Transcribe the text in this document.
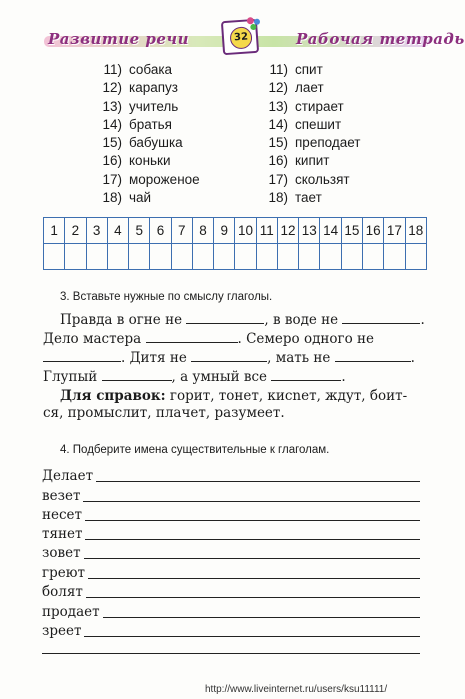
Развитие речи	Рабочая тетрадь
32
11) собака
12) карапуз
13) учитель
14) братья
15) бабушка
16) коньки
17) мороженое
18) чай
11) спит
12) лает
13) стирает
14) спешит
15) преподает
16) кипит
17) скользят
18) тает
1	2	3	4	5	6	7	8	9	10	11	12	13	14	15	16	17	18

3. Вставьте нужные по смыслу глаголы.
Правда в огне не	, в воде не	.
Дело мастера	. Семеро одного не
. Дитя не	, мать не	.
Глупый	, а умный все	.
Для справок: горит, тонет, кисnет, ждут, боит-
ся, промыслит, плачет, разумеет.
4. Подберите имена существительные к глаголам.
Делает
везет
несет
тянет
зовет
греют
болят
продает
зреет
http://www.liveinternet.ru/users/ksu11111/
